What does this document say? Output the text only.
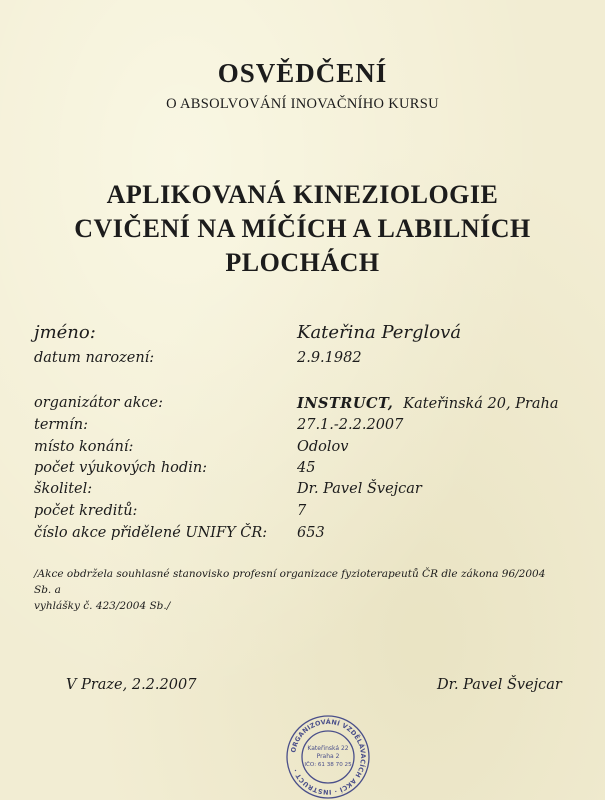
OSVĚDČENÍ
O ABSOLVOVÁNÍ INOVAČNÍHO KURSU
APLIKOVANÁ KINEZIOLOGIE
CVIČENÍ NA MÍČÍCH A LABILNÍCH
PLOCHÁCH
jméno:	Kateřina Perglová
datum narození:	2.9.1982
organizátor akce:	INSTRUCT, Kateřinská 20, Praha
termín:	27.1.-2.2.2007
místo konání:	Odolov
počet výukových hodin:	45
školitel:	Dr. Pavel Švejcar
počet kreditů:	7
číslo akce přidělené UNIFY ČR: 653
/Akce obdržela souhlasné stanovisko profesní organizace fyzioterapeutů ČR dle zákona 96/2004 Sb. a
vyhlášky č. 423/2004 Sb./
V Praze, 2.2.2007	Dr. Pavel Švejcar
ORGANIZOVÁNÍ VZDĚLÁVACÍCH AKCÍ · INSTRUCT ·
Kateřinská 22
Praha 2
IČO: 61 38 70 25
